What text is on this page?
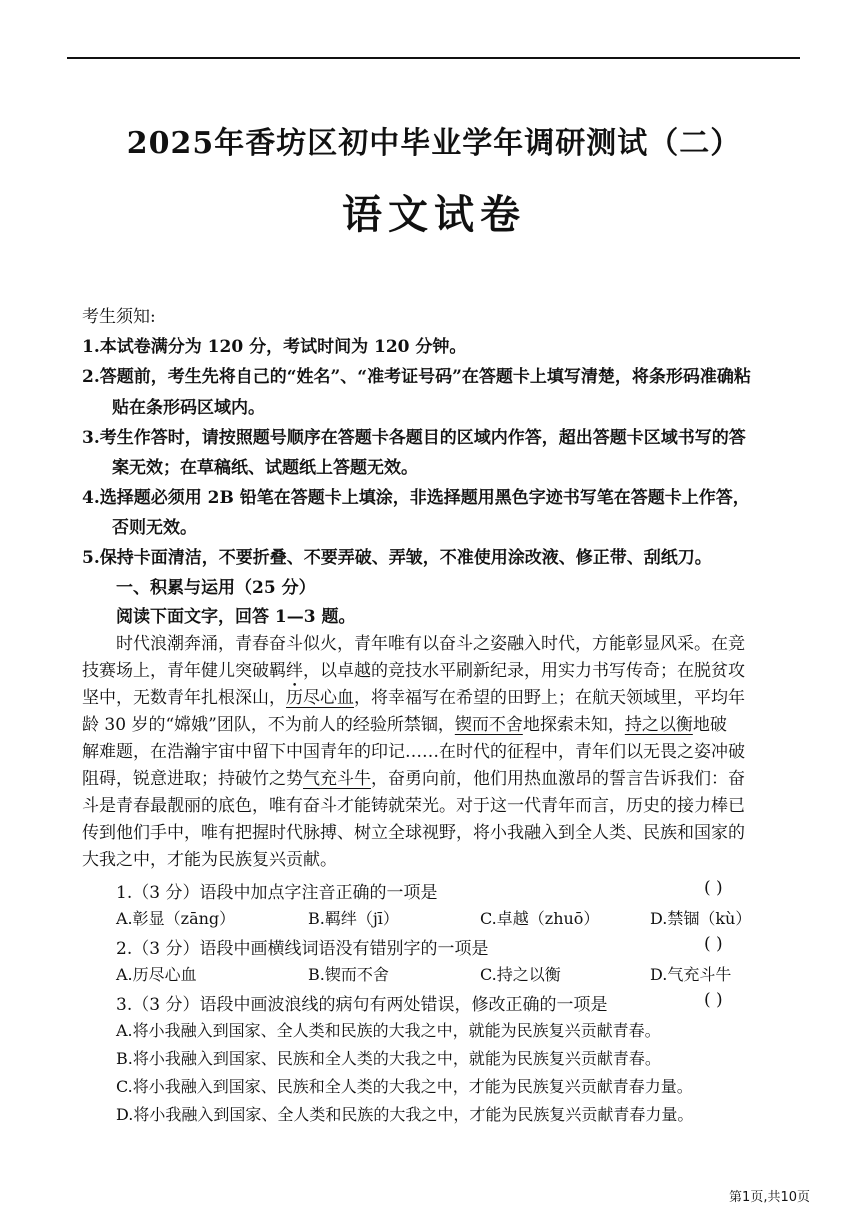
2025年香坊区初中毕业学年调研测试（二）
语文试卷
考生须知:
1.本试卷满分为 120 分，考试时间为 120 分钟。
2.答题前，考生先将自己的“姓名”、“准考证号码”在答题卡上填写清楚，将条形码准确粘
贴在条形码区域内。
3.考生作答时，请按照题号顺序在答题卡各题目的区域内作答，超出答题卡区域书写的答
案无效；在草稿纸、试题纸上答题无效。
4.选择题必须用 2B 铅笔在答题卡上填涂，非选择题用黑色字迹书写笔在答题卡上作答，
否则无效。
5.保持卡面清洁，不要折叠、不要弄破、弄皱，不准使用涂改液、修正带、刮纸刀。
一、积累与运用（25 分）
阅读下面文字，回答 1—3 题。
时代浪潮奔涌，青春奋斗似火，青年唯有以奋斗之姿融入时代，方能彰显风采。在竞
技赛场上，青年健儿突破羁绊，以卓越的竞技水平刷新纪录，用实力书写传奇；在脱贫攻
坚中，无数青年扎根深山，历尽心血，将幸福写在希望的田野上；在航天领域里，平均年
龄 30 岁的“嫦娥”团队，不为前人的经验所禁锢，锲而不舍地探索未知，持之以衡地破
解难题，在浩瀚宇宙中留下中国青年的印记……在时代的征程中，青年们以无畏之姿冲破
阻碍，锐意进取；持破竹之势气充斗牛，奋勇向前，他们用热血激昂的誓言告诉我们：奋
斗是青春最靓丽的底色，唯有奋斗才能铸就荣光。对于这一代青年而言，历史的接力棒已
传到他们手中，唯有把握时代脉搏、树立全球视野，将小我融入到全人类、民族和国家的
大我之中，才能为民族复兴贡献。
1.（3 分）语段中加点字注音正确的一项是	( )
A.彰显（zāng）	B.羁绊（jī）	C.卓越（zhuō）	D.禁锢（kù）
2.（3 分）语段中画横线词语没有错别字的一项是	( )
A.历尽心血	B.锲而不舍	C.持之以衡	D.气充斗牛
3.（3 分）语段中画波浪线的病句有两处错误，修改正确的一项是	( )
A.将小我融入到国家、全人类和民族的大我之中，就能为民族复兴贡献青春。
B.将小我融入到国家、民族和全人类的大我之中，就能为民族复兴贡献青春。
C.将小我融入到国家、民族和全人类的大我之中，才能为民族复兴贡献青春力量。
D.将小我融入到国家、全人类和民族的大我之中，才能为民族复兴贡献青春力量。
第1页,共10页
